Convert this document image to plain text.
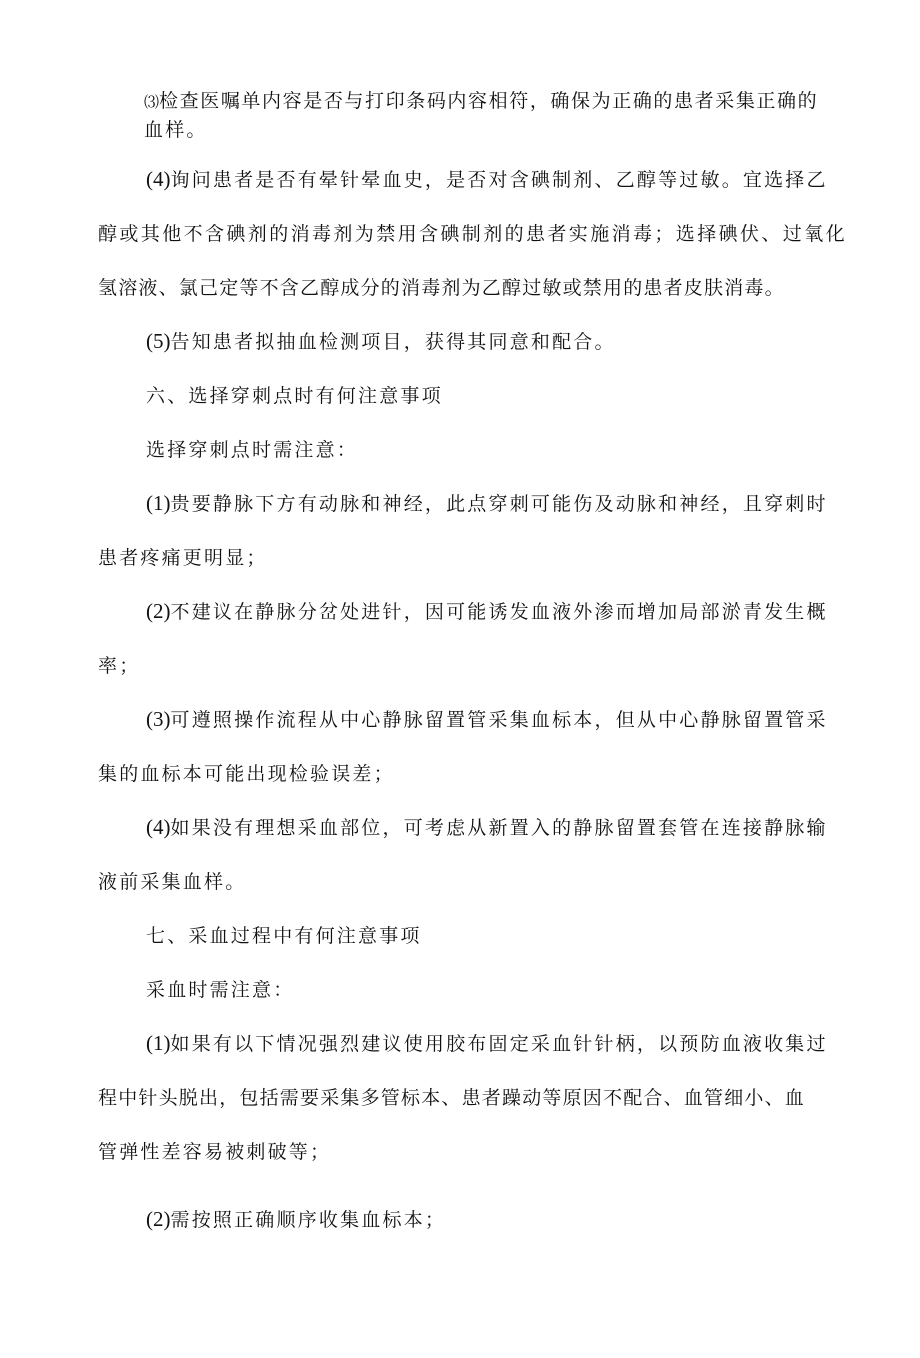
⑶检查医嘱单内容是否与打印条码内容相符，确保为正确的患者采集正确的

血样。

(4)询问患者是否有晕针晕血史，是否对含碘制剂、乙醇等过敏。宜选择乙

醇或其他不含碘剂的消毒剂为禁用含碘制剂的患者实施消毒；选择碘伏、过氧化

氢溶液、氯己定等不含乙醇成分的消毒剂为乙醇过敏或禁用的患者皮肤消毒。

(5)告知患者拟抽血检测项目，获得其同意和配合。

六、选择穿刺点时有何注意事项

选择穿刺点时需注意：

(1)贵要静脉下方有动脉和神经，此点穿刺可能伤及动脉和神经，且穿刺时

患者疼痛更明显；

(2)不建议在静脉分岔处进针，因可能诱发血液外渗而增加局部淤青发生概

率；

(3)可遵照操作流程从中心静脉留置管采集血标本，但从中心静脉留置管采

集的血标本可能出现检验误差；

(4)如果没有理想采血部位，可考虑从新置入的静脉留置套管在连接静脉输

液前采集血样。

七、采血过程中有何注意事项

采血时需注意：

(1)如果有以下情况强烈建议使用胶布固定采血针针柄，以预防血液收集过

程中针头脱出，包括需要采集多管标本、患者躁动等原因不配合、血管细小、血

管弹性差容易被刺破等；

(2)需按照正确顺序收集血标本；
